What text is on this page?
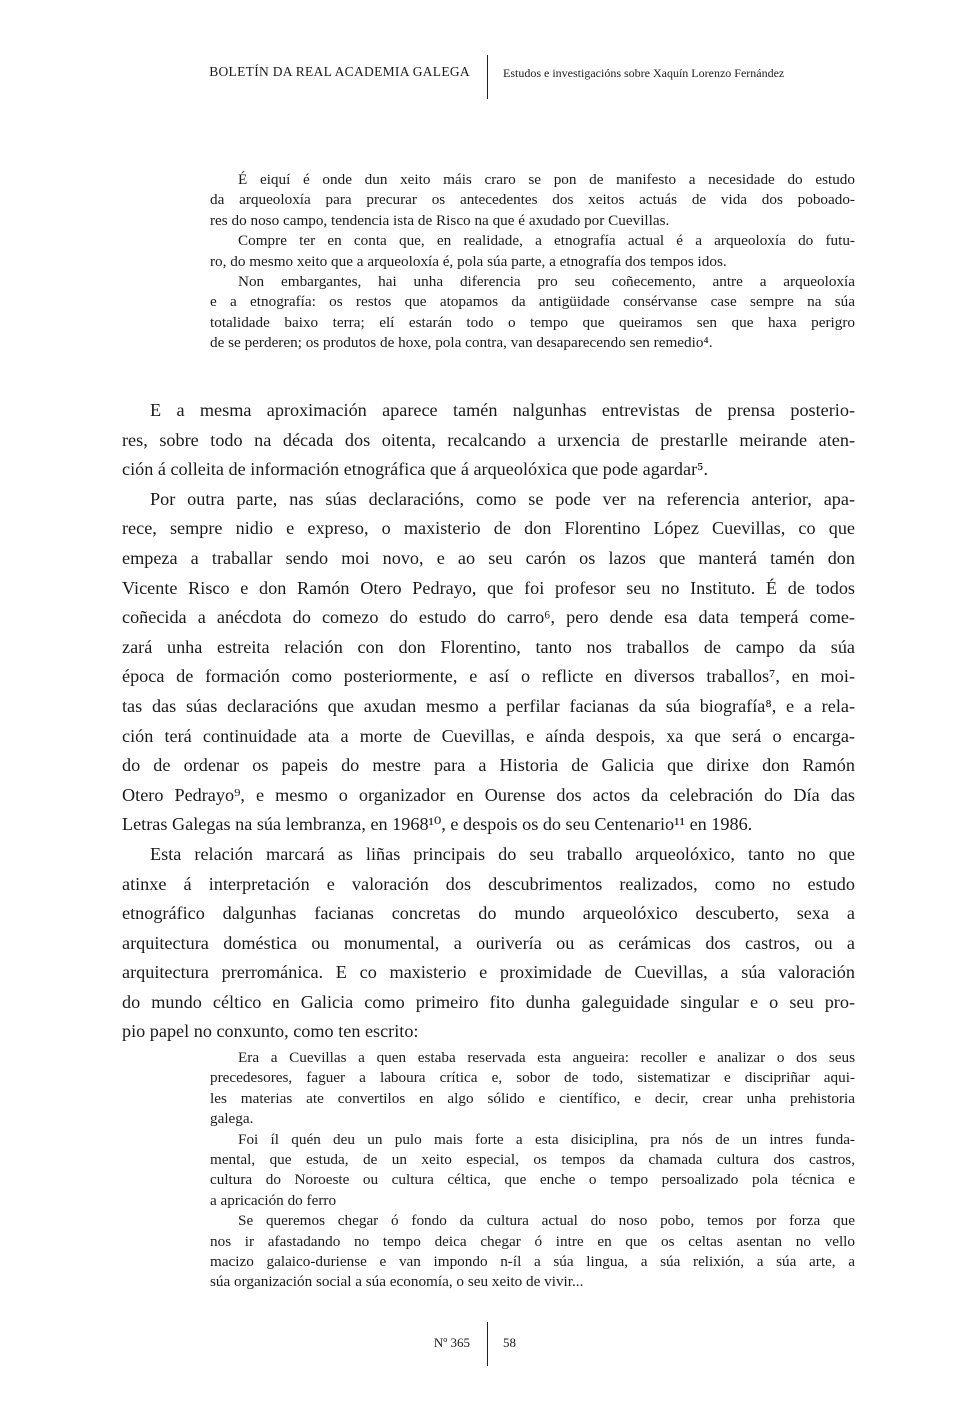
BOLETÍN DA REAL ACADEMIA GALEGA	Estudos e investigacións sobre Xaquín Lorenzo Fernández
É eiquí é onde dun xeito máis craro se pon de manifesto a necesidade do estudo
da arqueoloxía para precurar os antecedentes dos xeitos actuás de vida dos poboado-
res do noso campo, tendencia ista de Risco na que é axudado por Cuevillas.
Compre ter en conta que, en realidade, a etnografía actual é a arqueoloxía do futu-
ro, do mesmo xeito que a arqueoloxía é, pola súa parte, a etnografía dos tempos idos.
Non embargantes, hai unha diferencia pro seu coñecemento, antre a arqueoloxía
e a etnografía: os restos que atopamos da antigüidade consérvanse case sempre na súa
totalidade baixo terra; elí estarán todo o tempo que queiramos sen que haxa perigro
de se perderen; os produtos de hoxe, pola contra, van desaparecendo sen remedio⁴.
E a mesma aproximación aparece tamén nalgunhas entrevistas de prensa posterio-
res, sobre todo na década dos oitenta, recalcando a urxencia de prestarlle meirande aten-
ción á colleita de información etnográfica que á arqueolóxica que pode agardar⁵.
Por outra parte, nas súas declaracións, como se pode ver na referencia anterior, apa-
rece, sempre nidio e expreso, o maxisterio de don Florentino López Cuevillas, co que
empeza a traballar sendo moi novo, e ao seu carón os lazos que manterá tamén don
Vicente Risco e don Ramón Otero Pedrayo, que foi profesor seu no Instituto. É de todos
coñecida a anécdota do comezo do estudo do carro⁶, pero dende esa data temperá come-
zará unha estreita relación con don Florentino, tanto nos traballos de campo da súa
época de formación como posteriormente, e así o reflicte en diversos traballos⁷, en moi-
tas das súas declaracións que axudan mesmo a perfilar facianas da súa biografía⁸, e a rela-
ción terá continuidade ata a morte de Cuevillas, e aínda despois, xa que será o encarga-
do de ordenar os papeis do mestre para a Historia de Galicia que dirixe don Ramón
Otero Pedrayo⁹, e mesmo o organizador en Ourense dos actos da celebración do Día das
Letras Galegas na súa lembranza, en 1968¹⁰, e despois os do seu Centenario¹¹ en 1986.
Esta relación marcará as liñas principais do seu traballo arqueolóxico, tanto no que
atinxe á interpretación e valoración dos descubrimentos realizados, como no estudo
etnográfico dalgunhas facianas concretas do mundo arqueolóxico descuberto, sexa a
arquitectura doméstica ou monumental, a ourivería ou as cerámicas dos castros, ou a
arquitectura prerrománica. E co maxisterio e proximidade de Cuevillas, a súa valoración
do mundo céltico en Galicia como primeiro fito dunha galeguidade singular e o seu pro-
pio papel no conxunto, como ten escrito:
Era a Cuevillas a quen estaba reservada esta angueira: recoller e analizar o dos seus
precedesores, faguer a laboura crítica e, sobor de todo, sistematizar e discipriñar aqui-
les materias ate convertilos en algo sólido e científico, e decir, crear unha prehistoria
galega.
Foi íl quén deu un pulo mais forte a esta disiciplina, pra nós de un intres funda-
mental, que estuda, de un xeito especial, os tempos da chamada cultura dos castros,
cultura do Noroeste ou cultura céltica, que enche o tempo persoalizado pola técnica e
a apricación do ferro
Se queremos chegar ó fondo da cultura actual do noso pobo, temos por forza que
nos ir afastadando no tempo deica chegar ó intre en que os celtas asentan no vello
macizo galaico-duriense e van impondo n-íl a súa lingua, a súa relixión, a súa arte, a
súa organización social a súa economía, o seu xeito de vivir...
Nº 365	58
